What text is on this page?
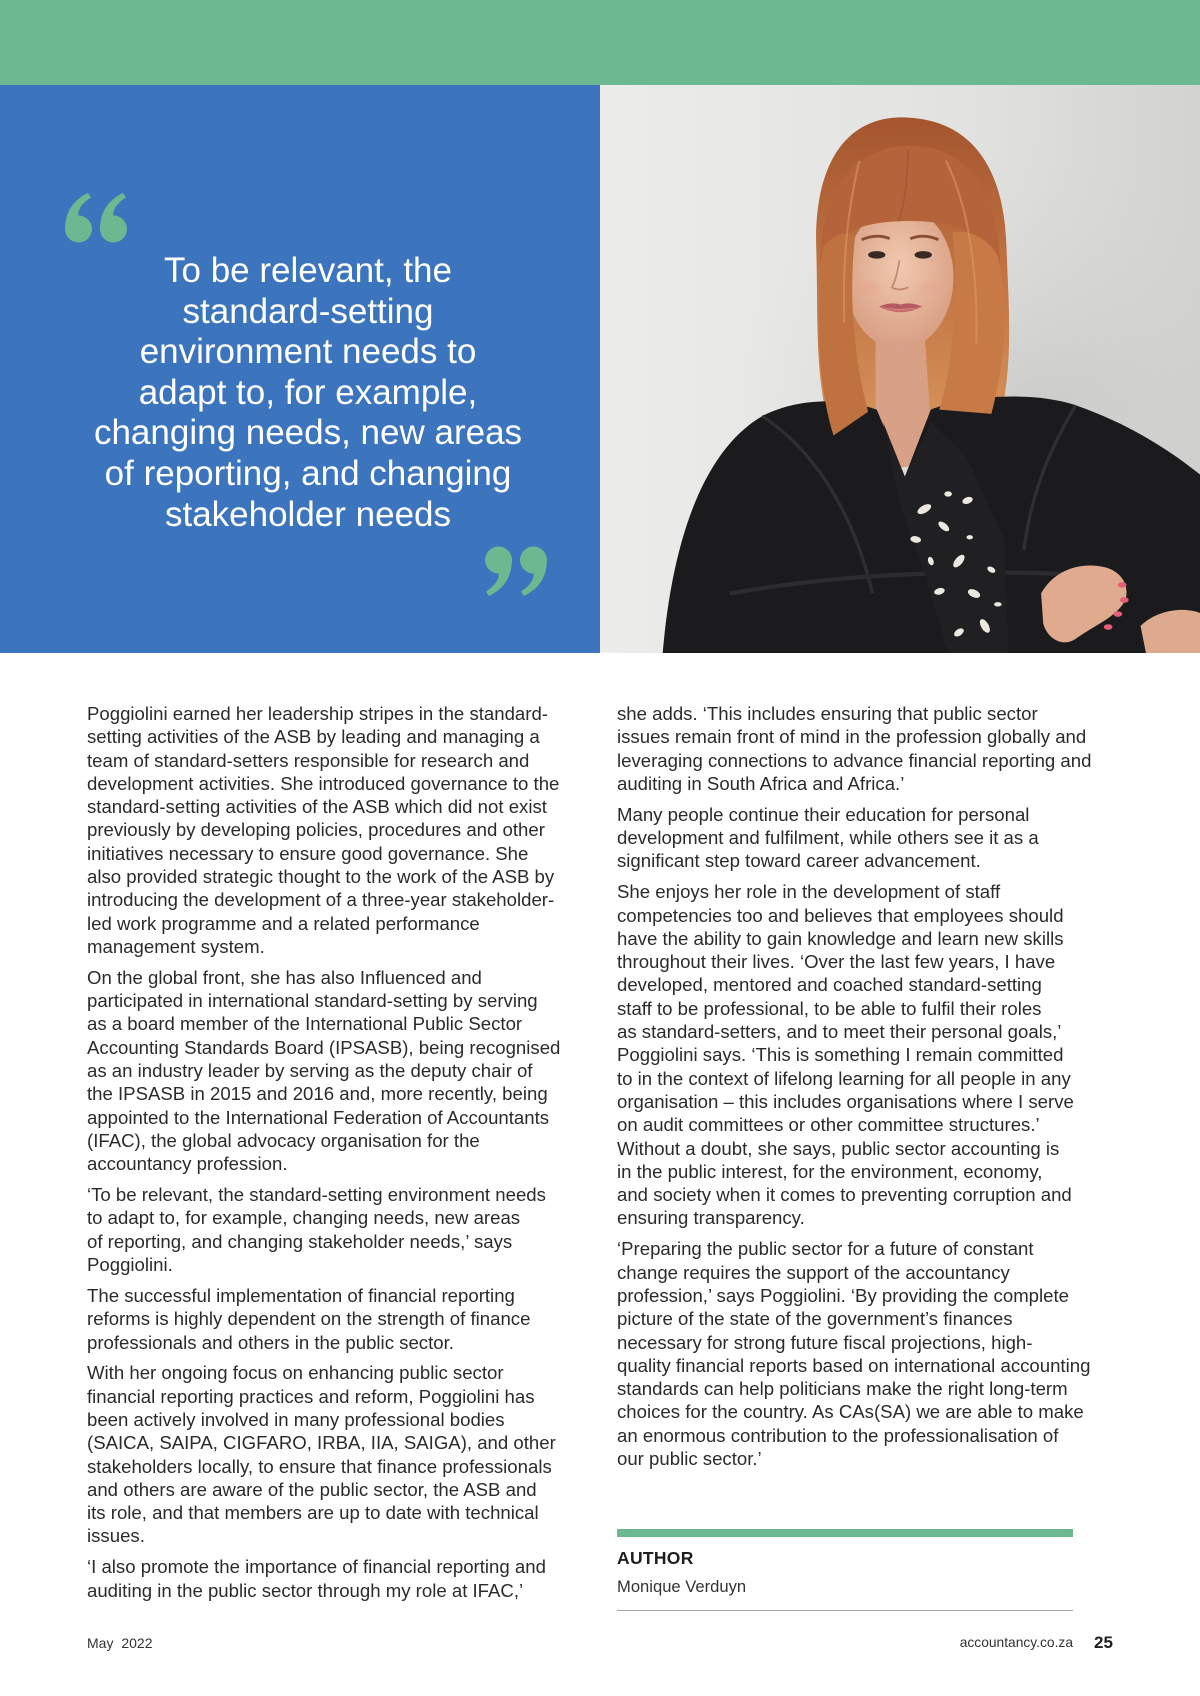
To be relevant, the
standard-setting
environment needs to
adapt to, for example,
changing needs, new areas
of reporting, and changing
stakeholder needs
Poggiolini earned her leadership stripes in the standard-
setting activities of the ASB by leading and managing a
team of standard-setters responsible for research and
development activities. She introduced governance to the
standard-setting activities of the ASB which did not exist
previously by developing policies, procedures and other
initiatives necessary to ensure good governance. She
also provided strategic thought to the work of the ASB by
introducing the development of a three-year stakeholder-
led work programme and a related performance
management system.
On the global front, she has also Influenced and
participated in international standard-setting by serving
as a board member of the International Public Sector
Accounting Standards Board (IPSASB), being recognised
as an industry leader by serving as the deputy chair of
the IPSASB in 2015 and 2016 and, more recently, being
appointed to the International Federation of Accountants
(IFAC), the global advocacy organisation for the
accountancy profession.
‘To be relevant, the standard-setting environment needs
to adapt to, for example, changing needs, new areas
of reporting, and changing stakeholder needs,’ says
Poggiolini.
The successful implementation of financial reporting
reforms is highly dependent on the strength of finance
professionals and others in the public sector.
With her ongoing focus on enhancing public sector
financial reporting practices and reform, Poggiolini has
been actively involved in many professional bodies
(SAICA, SAIPA, CIGFARO, IRBA, IIA, SAIGA), and other
stakeholders locally, to ensure that finance professionals
and others are aware of the public sector, the ASB and
its role, and that members are up to date with technical
issues.
‘I also promote the importance of financial reporting and
auditing in the public sector through my role at IFAC,’
she adds. ‘This includes ensuring that public sector
issues remain front of mind in the profession globally and
leveraging connections to advance financial reporting and
auditing in South Africa and Africa.’
Many people continue their education for personal
development and fulfilment, while others see it as a
significant step toward career advancement.
She enjoys her role in the development of staff
competencies too and believes that employees should
have the ability to gain knowledge and learn new skills
throughout their lives. ‘Over the last few years, I have
developed, mentored and coached standard-setting
staff to be professional, to be able to fulfil their roles
as standard-setters, and to meet their personal goals,’
Poggiolini says. ‘This is something I remain committed
to in the context of lifelong learning for all people in any
organisation – this includes organisations where I serve
on audit committees or other committee structures.’
Without a doubt, she says, public sector accounting is
in the public interest, for the environment, economy,
and society when it comes to preventing corruption and
ensuring transparency.
‘Preparing the public sector for a future of constant
change requires the support of the accountancy
profession,’ says Poggiolini. ‘By providing the complete
picture of the state of the government’s finances
necessary for strong future fiscal projections, high-
quality financial reports based on international accounting
standards can help politicians make the right long-term
choices for the country. As CAs(SA) we are able to make
an enormous contribution to the professionalisation of
our public sector.’
AUTHOR
Monique Verduyn
May 2022	accountancy.co.za 25
